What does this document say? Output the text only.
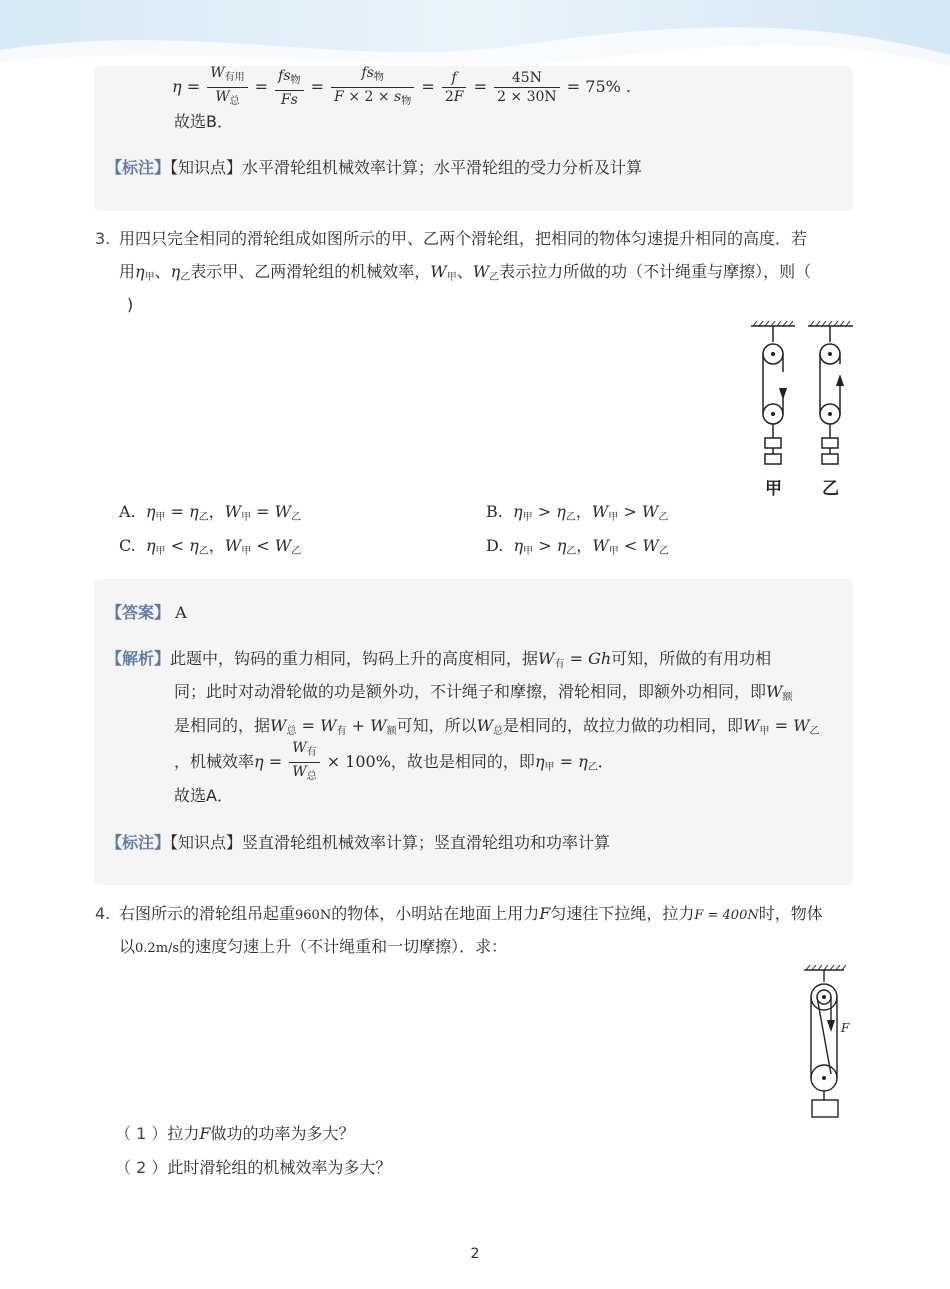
$\eta = \frac{W_{有用}}{W_总} = \frac{fs_物}{Fs} = \frac{fs_物}{F \times 2 \times s_物} = \frac{f}{2F} = \frac{45N}{2 \times 30N} = 75\%$ .
故选B．
【标注】【知识点】水平滑轮组机械效率计算；水平滑轮组的受力分析及计算
3. 用四只完全相同的滑轮组成如图所示的甲、乙两个滑轮组，把相同的物体匀速提升相同的高度．若
用$\eta_甲$、$\eta_乙$表示甲、乙两滑轮组的机械效率，$W_甲$、$W_乙$表示拉力所做的功（不计绳重与摩擦），则（
)
甲 乙
A. $\eta_甲 = \eta_乙$，$W_甲 = W_乙$	B. $\eta_甲 > \eta_乙$，$W_甲 > W_乙$
C. $\eta_甲 < \eta_乙$，$W_甲 < W_乙$	D. $\eta_甲 > \eta_乙$，$W_甲 < W_乙$
【答案】 A
【解析】此题中，钩码的重力相同，钩码上升的高度相同，据$W_有 = Gh$可知，所做的有用功相
同；此时对动滑轮做的功是额外功，不计绳子和摩擦，滑轮相同，即额外功相同，即$W_额$
是相同的，据$W_总 = W_有 + W_额$可知，所以$W_总$是相同的，故拉力做的功相同，即$W_甲 = W_乙$
，机械效率$\eta = \frac{W_有}{W_总} \times 100\%$，故也是相同的，即$\eta_甲 = \eta_乙$．
故选A．
【标注】【知识点】竖直滑轮组机械效率计算；竖直滑轮组功和功率计算
4. 右图所示的滑轮组吊起重960N的物体，小明站在地面上用力F匀速往下拉绳，拉力F = 400N时，物体
以0.2m/s的速度匀速上升（不计绳重和一切摩擦）．求：
F
（ 1 ）拉力F做功的功率为多大？
（ 2 ）此时滑轮组的机械效率为多大？
2
